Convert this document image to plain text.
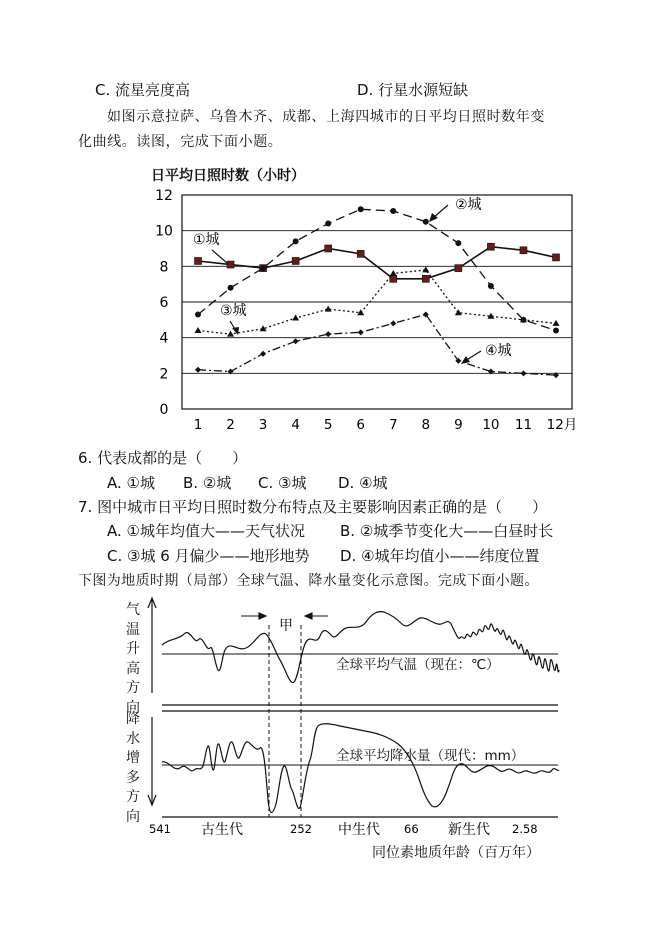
C. 流星亮度高	D. 行星水源短缺
如图示意拉萨、乌鲁木齐、成都、上海四城市的日平均日照时数年变
化曲线。读图，完成下面小题。
日平均日照时数（小时）
0
2
4
6
8
10
12
1 2 3 4 5 6 7 8 9 10 11 12月
①城
②城
③城
④城
6. 代表成都的是（　　）
A. ①城 B. ②城 C. ③城 D. ④城
7. 图中城市日平均日照时数分布特点及主要影响因素正确的是（　　）
A. ①城年均值大——天气状况 B. ②城季节变化大——白昼时长
C. ③城 6 月偏少——地形地势 D. ④城年均值小——纬度位置
下图为地质时期（局部）全球气温、降水量变化示意图。完成下面小题。
气
温
升
高
方
向
降
水
增
多
方
向
甲
全球平均气温（现在：℃）
全球平均降水量（现代：mm）
541	252	66	2.58
古生代	中生代	新生代
同位素地质年龄（百万年）
